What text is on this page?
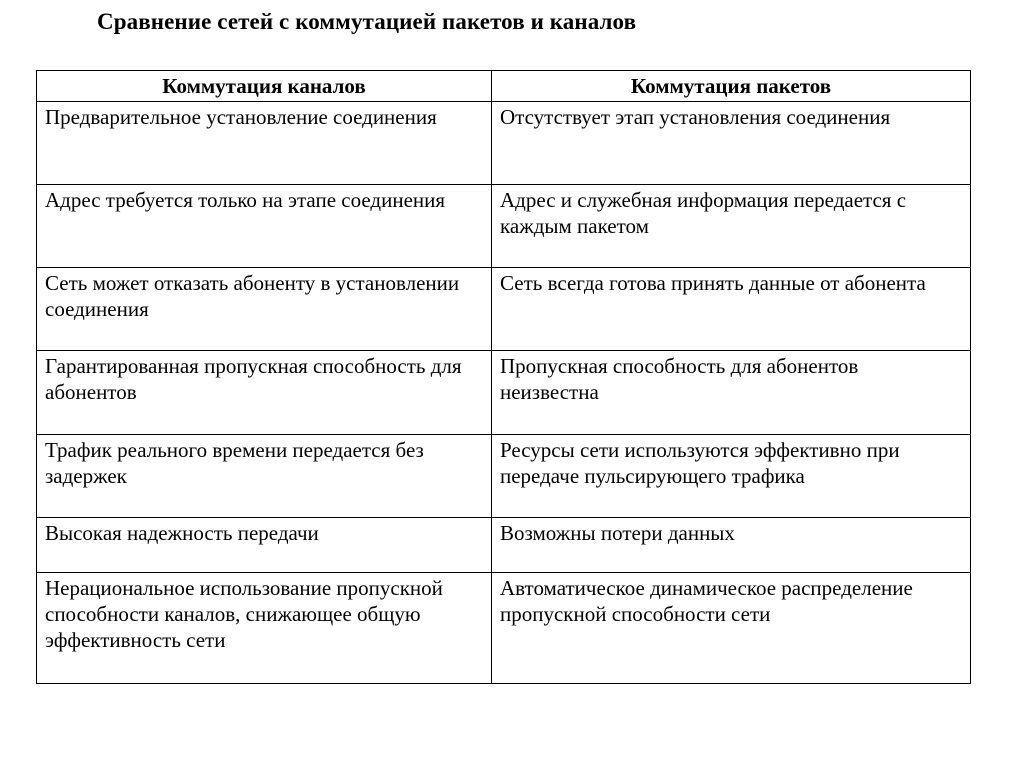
Сравнение сетей с коммутацией пакетов и каналов
Коммутация каналов	Коммутация пакетов
Предварительное установление соединения	Отсутствует этап установления соединения
Адрес требуется только на этапе соединения	Адрес и служебная информация передается с каждым пакетом
Сеть может отказать абоненту в установлении соединения	Сеть всегда готова принять данные от абонента
Гарантированная пропускная способность для абонентов	Пропускная способность для абонентов неизвестна
Трафик реального времени передается без задержек	Ресурсы сети используются эффективно при передаче пульсирующего трафика
Высокая надежность передачи	Возможны потери данных
Нерациональное использование пропускной способности каналов, снижающее общую эффективность сети	Автоматическое динамическое распределение пропускной способности сети
